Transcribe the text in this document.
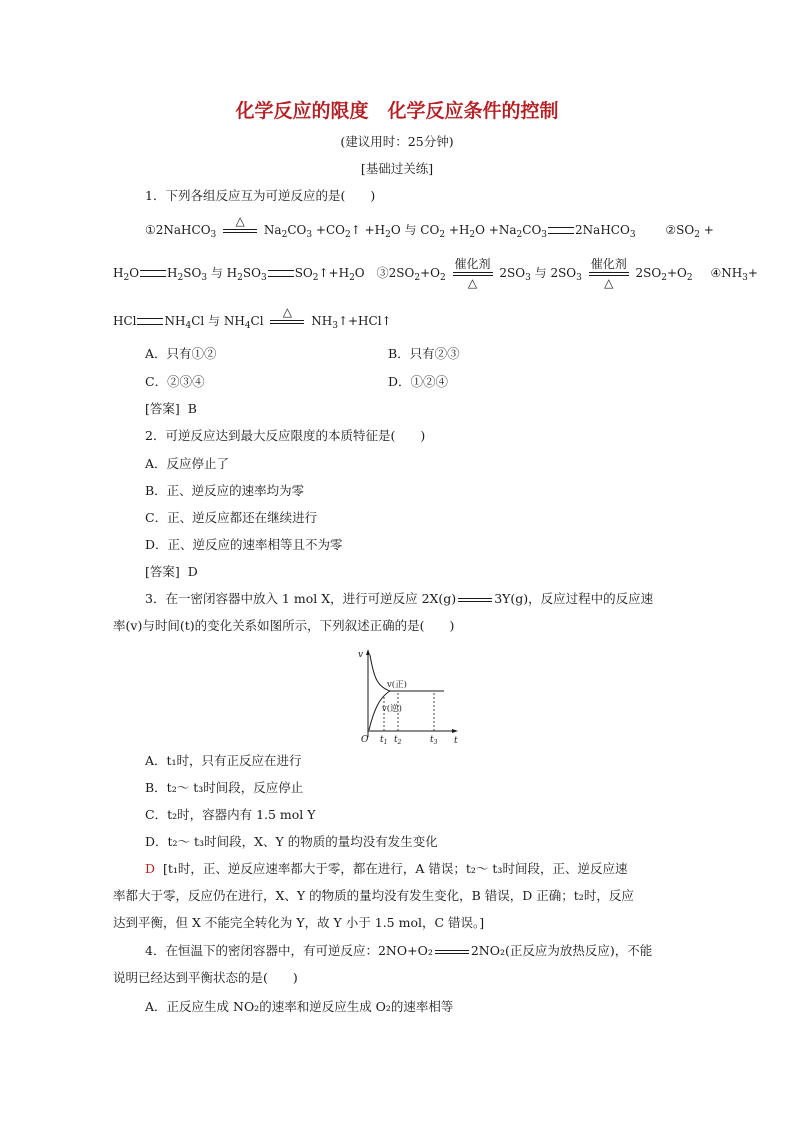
化学反应的限度　化学反应条件的控制
(建议用时：25分钟)
[基础过关练]
1．下列各组反应互为可逆反应的是(　　)
①2NaHCO$_3$
△
$Na_2CO_3$ $+CO_2↑ +H_2O$ 与 $CO_2 +H_2O +Na_2CO_3$ 2NaHCO$_3$ $②SO_2$ +
$H_2O$ $H_2SO_3$ 与 $H_2SO_3$ $SO_2↑+H_2O$　$③2SO_2+O_2$
催化剂
△
$2SO_3$ 与 $2SO_3$
催化剂
△
$2SO_2+O_2$ $④NH_3+$
HCl $NH_4Cl$ 与 $NH_4Cl$
△
$NH_3↑+HCl↑$
A．只有①②	B．只有②③
C．②③④	D．①②④
[答案] B
2．可逆反应达到最大反应限度的本质特征是(　　)
A．反应停止了
B．正、逆反应的速率均为零
C．正、逆反应都还在继续进行
D．正、逆反应的速率相等且不为零
[答案] D
3．在一密闭容器中放入 1 mol X，进行可逆反应 2X(g)	3Y(g)，反应过程中的反应速
率(v)与时间(t)的变化关系如图所示，下列叙述正确的是(　　)
v
O	t
$t_1$ $t_2$	$t_3$
v(正)
v(逆)
A．t₁时，只有正反应在进行
B．t₂～ t₃时间段，反应停止
C．t₂时，容器内有 1.5 mol Y
D．t₂～ t₃时间段，X、Y 的物质的量均没有发生变化
D [t₁时，正、逆反应速率都大于零，都在进行，A 错误；t₂～ t₃时间段，正、逆反应速
率都大于零，反应仍在进行，X、Y 的物质的量均没有发生变化，B 错误，D 正确；t₂时，反应
达到平衡，但 X 不能完全转化为 Y，故 Y 小于 1.5 mol，C 错误。]
4．在恒温下的密闭容器中，有可逆反应：2NO+O₂	2NO₂(正反应为放热反应)，不能
说明已经达到平衡状态的是(　　)
A．正反应生成 NO₂的速率和逆反应生成 O₂的速率相等
